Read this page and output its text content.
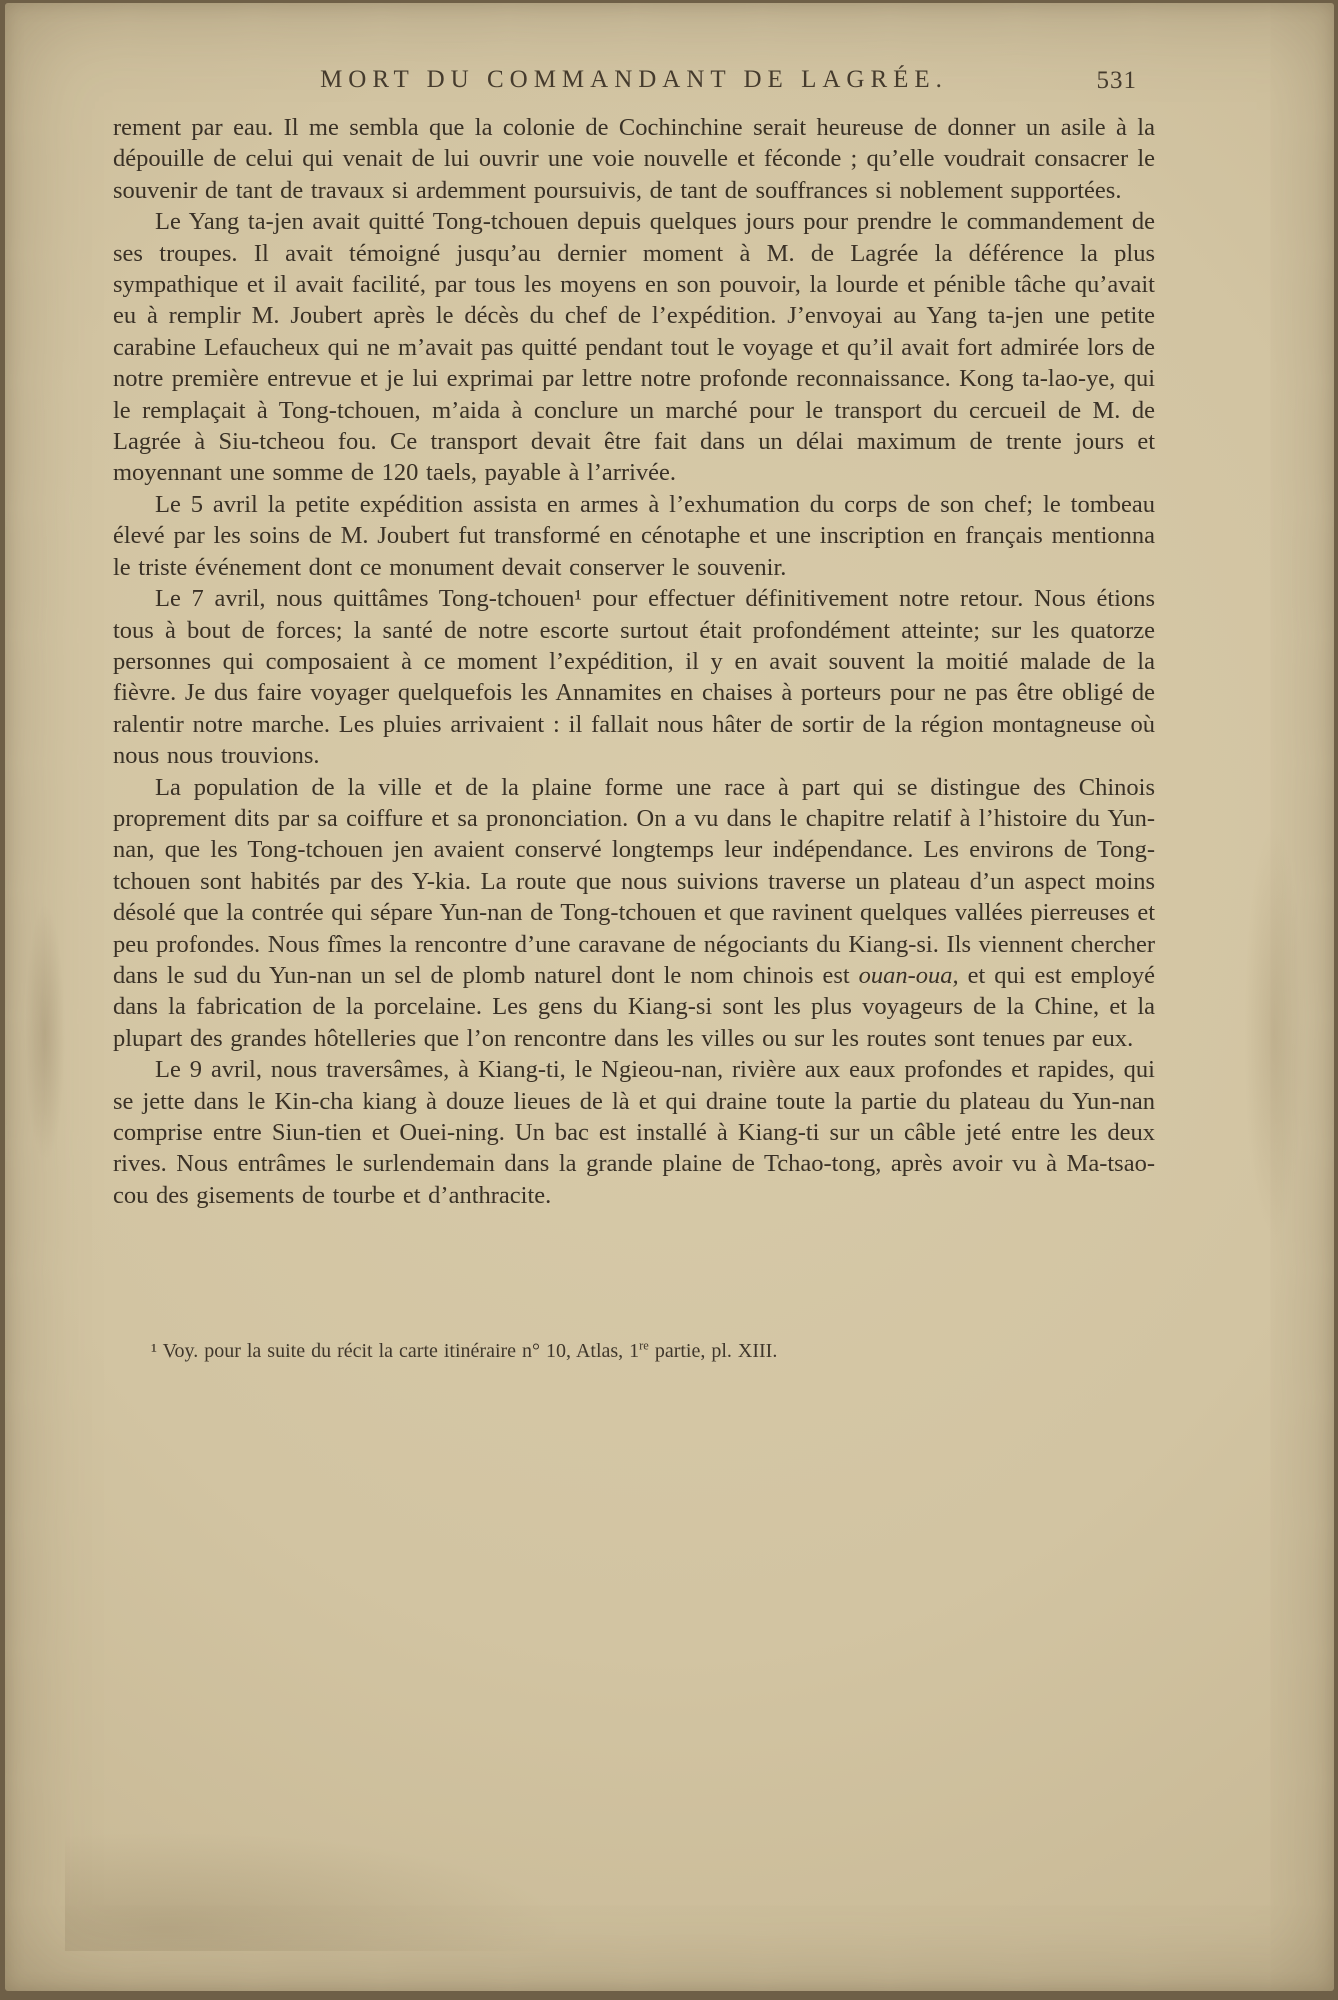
MORT DU COMMANDANT DE LAGRÉE.	531

rement par eau. Il me sembla que la colonie de Cochinchine serait heureuse de donner un asile à la dépouille de celui qui venait de lui ouvrir une voie nouvelle et féconde ; qu’elle voudrait consacrer le souvenir de tant de travaux si ardemment poursuivis, de tant de souffrances si noblement supportées.

Le Yang ta-jen avait quitté Tong-tchouen depuis quelques jours pour prendre le commandement de ses troupes. Il avait témoigné jusqu’au dernier moment à M. de Lagrée la déférence la plus sympathique et il avait facilité, par tous les moyens en son pouvoir, la lourde et pénible tâche qu’avait eu à remplir M. Joubert après le décès du chef de l’expédition. J’envoyai au Yang ta-jen une petite carabine Lefaucheux qui ne m’avait pas quitté pendant tout le voyage et qu’il avait fort admirée lors de notre première entrevue et je lui exprimai par lettre notre profonde reconnaissance. Kong ta-lao-ye, qui le remplaçait à Tong-tchouen, m’aida à conclure un marché pour le transport du cercueil de M. de Lagrée à Siu-tcheou fou. Ce transport devait être fait dans un délai maximum de trente jours et moyennant une somme de 120 taels, payable à l’arrivée.

Le 5 avril la petite expédition assista en armes à l’exhumation du corps de son chef; le tombeau élevé par les soins de M. Joubert fut transformé en cénotaphe et une inscription en français mentionna le triste événement dont ce monument devait conserver le souvenir.

Le 7 avril, nous quittâmes Tong-tchouen¹ pour effectuer définitivement notre retour. Nous étions tous à bout de forces; la santé de notre escorte surtout était profondément atteinte; sur les quatorze personnes qui composaient à ce moment l’expédition, il y en avait souvent la moitié malade de la fièvre. Je dus faire voyager quelquefois les Annamites en chaises à porteurs pour ne pas être obligé de ralentir notre marche. Les pluies arrivaient : il fallait nous hâter de sortir de la région montagneuse où nous nous trouvions.

La population de la ville et de la plaine forme une race à part qui se distingue des Chinois proprement dits par sa coiffure et sa prononciation. On a vu dans le chapitre relatif à l’histoire du Yun-nan, que les Tong-tchouen jen avaient conservé longtemps leur indépendance. Les environs de Tong-tchouen sont habités par des Y-kia. La route que nous suivions traverse un plateau d’un aspect moins désolé que la contrée qui sépare Yun-nan de Tong-tchouen et que ravinent quelques vallées pierreuses et peu profondes. Nous fîmes la rencontre d’une caravane de négociants du Kiang-si. Ils viennent chercher dans le sud du Yun-nan un sel de plomb naturel dont le nom chinois est ouan-oua, et qui est employé dans la fabrication de la porcelaine. Les gens du Kiang-si sont les plus voyageurs de la Chine, et la plupart des grandes hôtelleries que l’on rencontre dans les villes ou sur les routes sont tenues par eux.

Le 9 avril, nous traversâmes, à Kiang-ti, le Ngieou-nan, rivière aux eaux profondes et rapides, qui se jette dans le Kin-cha kiang à douze lieues de là et qui draine toute la partie du plateau du Yun-nan comprise entre Siun-tien et Ouei-ning. Un bac est installé à Kiang-ti sur un câble jeté entre les deux rives. Nous entrâmes le surlendemain dans la grande plaine de Tchao-tong, après avoir vu à Ma-tsao-cou des gisements de tourbe et d’anthracite.

¹ Voy. pour la suite du récit la carte itinéraire n° 10, Atlas, 1re partie, pl. XIII.
